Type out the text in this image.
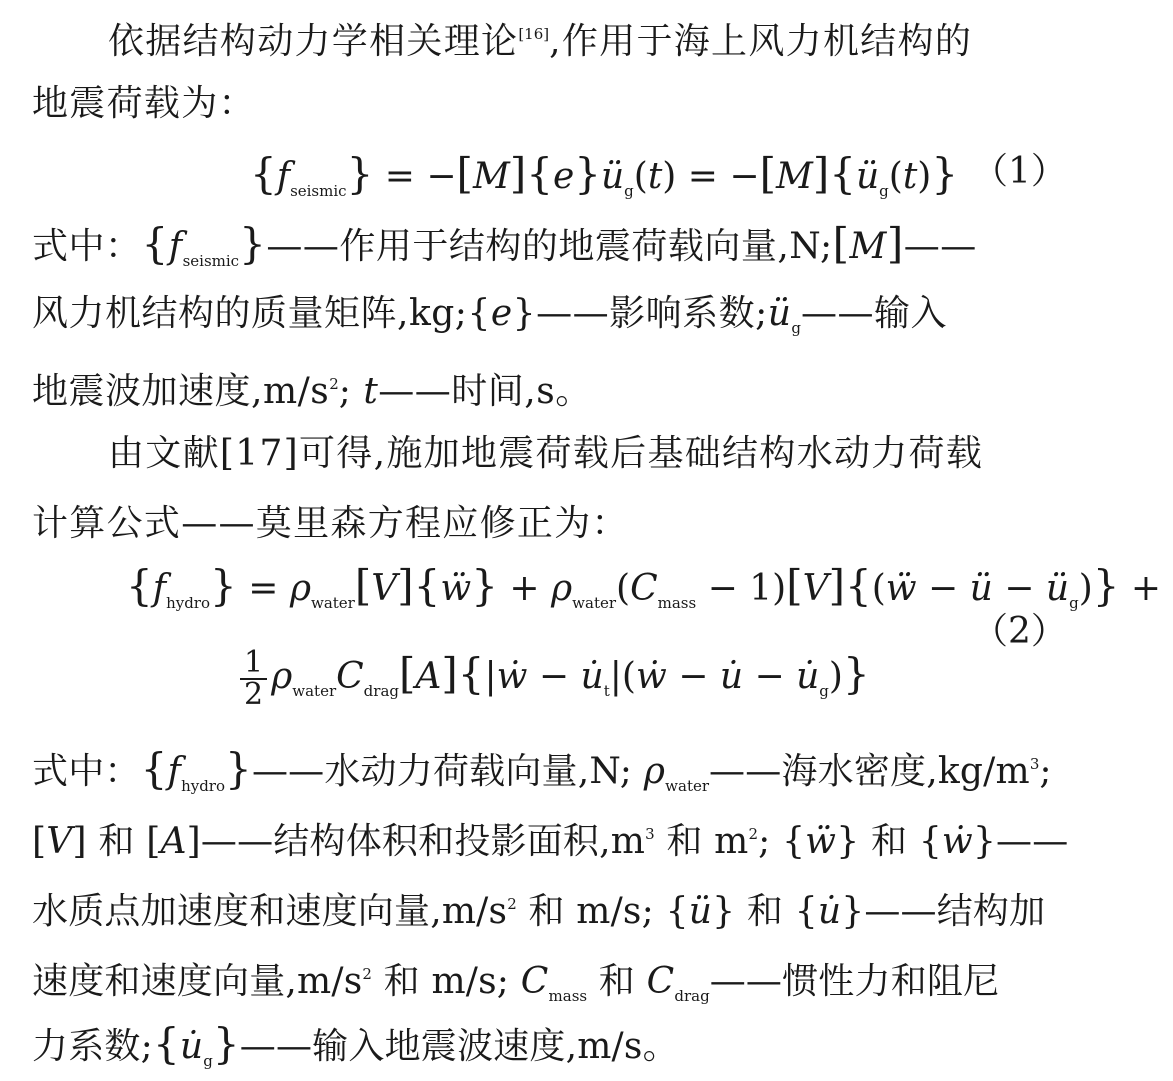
依据结构动力学相关理论[16],作用于海上风力机结构的
地震荷载为：
$\{f_{seismic}\}$ = $-[M]\{e\}ü_g(t)$ = $-[M]\{ü_g(t)\}$ （1）
式中：$\{f_{seismic}\}——$作用于结构的地震荷载向量,N;[M]——
风力机结构的质量矩阵,kg;{e}——影响系数$;ü_g——$输入
地震波加速度$,m/s^2$; t——时间,s。
由文献[17]可得,施加地震荷载后基础结构水动力荷载
计算公式——莫里森方程应修正为：
$\{f_{hydro}\}$ = $\rho_{water}[V]\{ẅ\} + \rho_{water}(C_{mass}$ − 1)[V]{(ẅ − ü − $ü_g$)} +
$\frac{1}{2}$ $\rho_{water}C_{drag}[A]\{|ẇ$ − $u̇_t|(ẇ$ − u̇ − $u̇_g$)}
（2）
式中：$\{f_{hydro}\}——$水动力荷载向量,N; $\rho_{water}——$海水密度$,kg/m^3$;
[V] 和 [A]——结构体积和投影面积$,m^3$ 和 $m^2$; {ẅ} 和 {ẇ}——
水质点加速度和速度向量$,m/s^2$ 和 m/s; {ü} 和 {u̇}——结构加
速度和速度向量$,m/s^2$ 和 m/s; $C_{mass}$ 和 $C_{drag}——$惯性力和阻尼
力系数$;\{u̇_g\}——$输入地震波速度,m/s。
